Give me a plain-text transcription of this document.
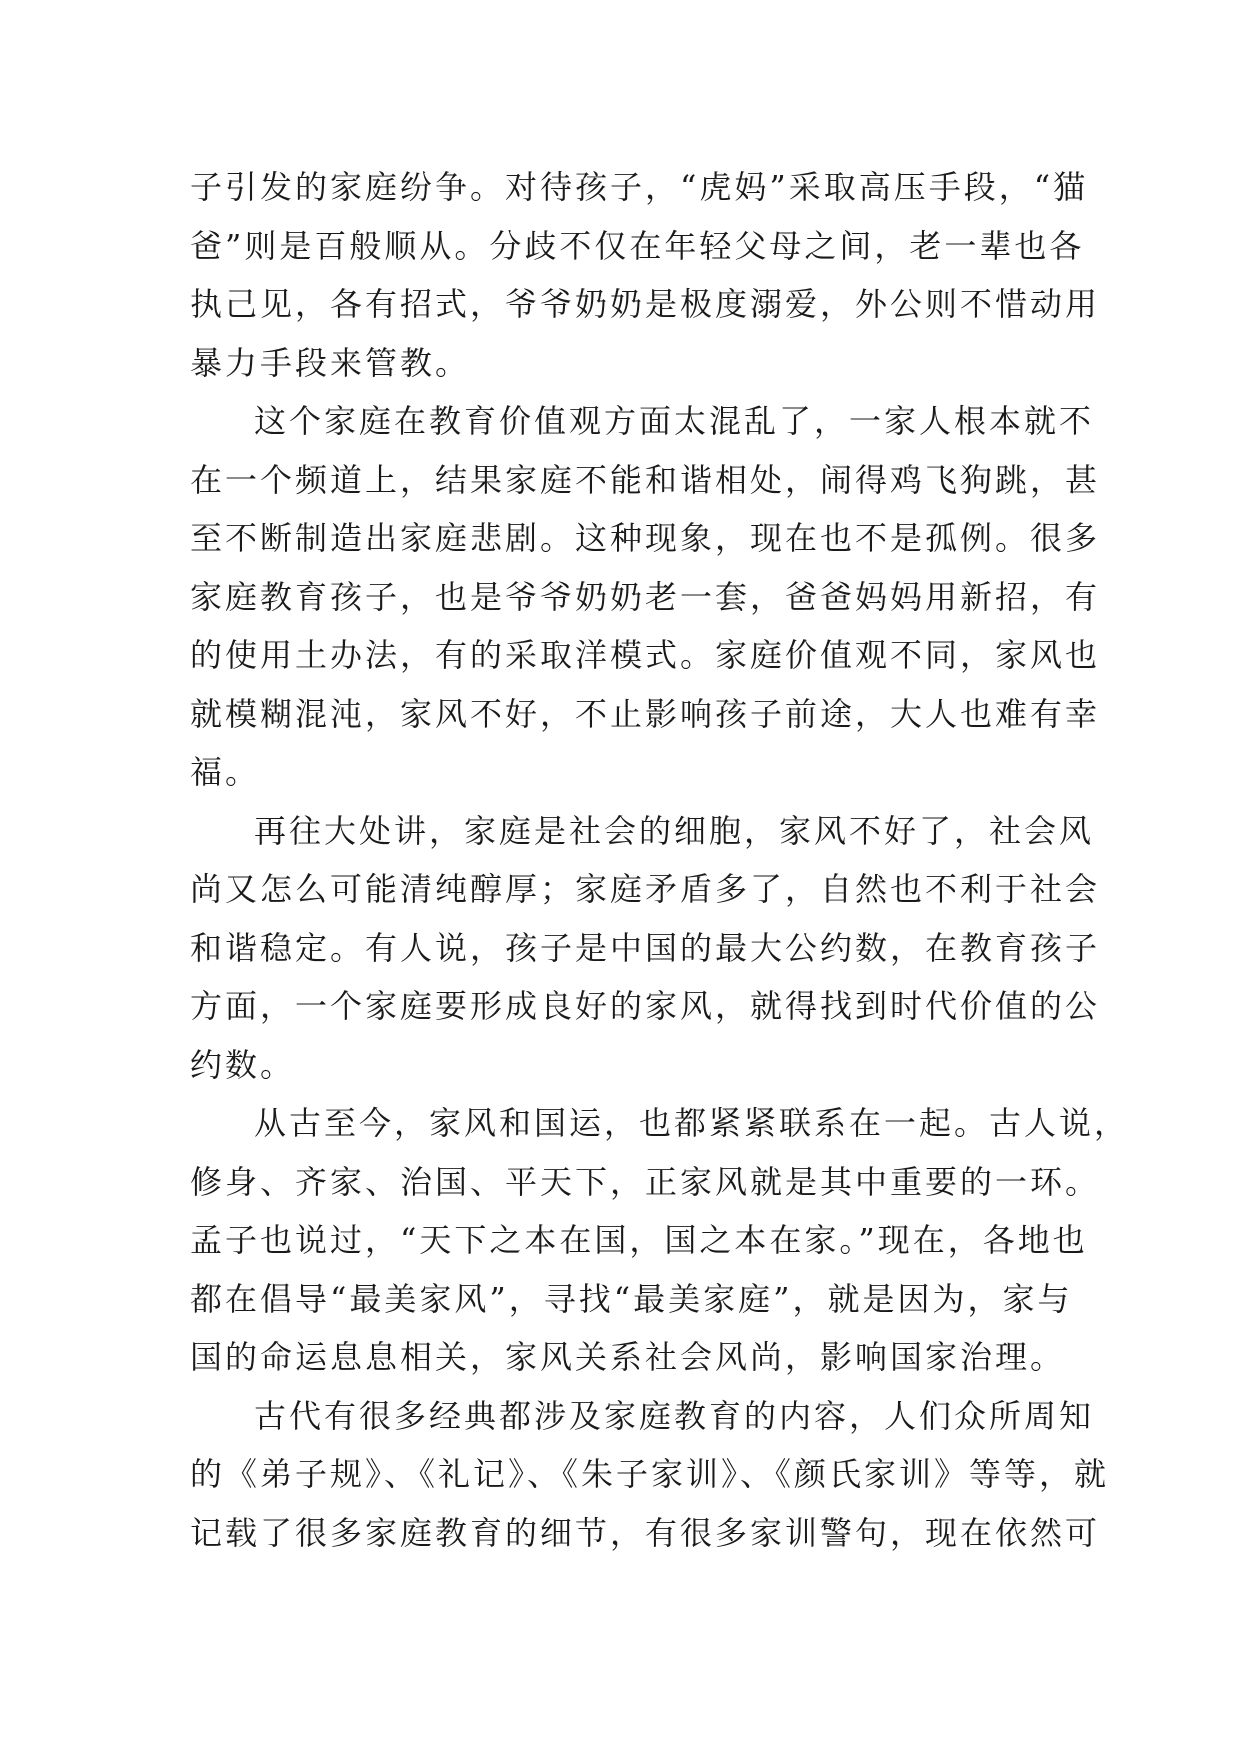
子引发的家庭纷争。对待孩子，“虎妈”采取高压手段，“猫
爸”则是百般顺从。分歧不仅在年轻父母之间，老一辈也各
执己见，各有招式，爷爷奶奶是极度溺爱，外公则不惜动用
暴力手段来管教。
这个家庭在教育价值观方面太混乱了，一家人根本就不
在一个频道上，结果家庭不能和谐相处，闹得鸡飞狗跳，甚
至不断制造出家庭悲剧。这种现象，现在也不是孤例。很多
家庭教育孩子，也是爷爷奶奶老一套，爸爸妈妈用新招，有
的使用土办法，有的采取洋模式。家庭价值观不同，家风也
就模糊混沌，家风不好，不止影响孩子前途，大人也难有幸
福。
再往大处讲，家庭是社会的细胞，家风不好了，社会风
尚又怎么可能清纯醇厚；家庭矛盾多了，自然也不利于社会
和谐稳定。有人说，孩子是中国的最大公约数，在教育孩子
方面，一个家庭要形成良好的家风，就得找到时代价值的公
约数。
从古至今，家风和国运，也都紧紧联系在一起。古人说，
修身、齐家、治国、平天下，正家风就是其中重要的一环。
孟子也说过，“天下之本在国，国之本在家。”现在，各地也
都在倡导“最美家风”，寻找“最美家庭”，就是因为，家与
国的命运息息相关，家风关系社会风尚，影响国家治理。
古代有很多经典都涉及家庭教育的内容，人们众所周知
的《弟子规》、《礼记》、《朱子家训》、《颜氏家训》等等，就
记载了很多家庭教育的细节，有很多家训警句，现在依然可
